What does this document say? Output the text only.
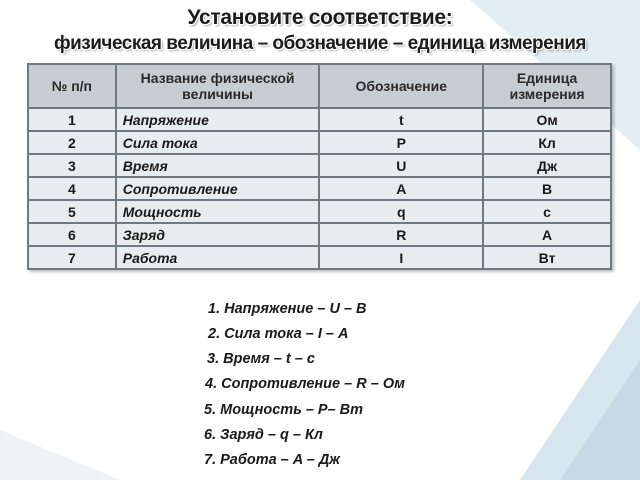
Установите соответствие:
физическая величина – обозначение – единица измерения
№ п/п	Название физической величины	Обозначение	Единица измерения
1	Напряжение	t	Ом
2	Сила тока	P	Кл
3	Время	U	Дж
4	Сопротивление	A	В
5	Мощность	q	с
6	Заряд	R	А
7	Работа	I	Вт
1. Напряжение – U – В
2. Сила тока – I – А
3. Время – t – с
4. Сопротивление – R – Ом
5. Мощность – P– Вт
6. Заряд – q – Кл
7. Работа – A – Дж
